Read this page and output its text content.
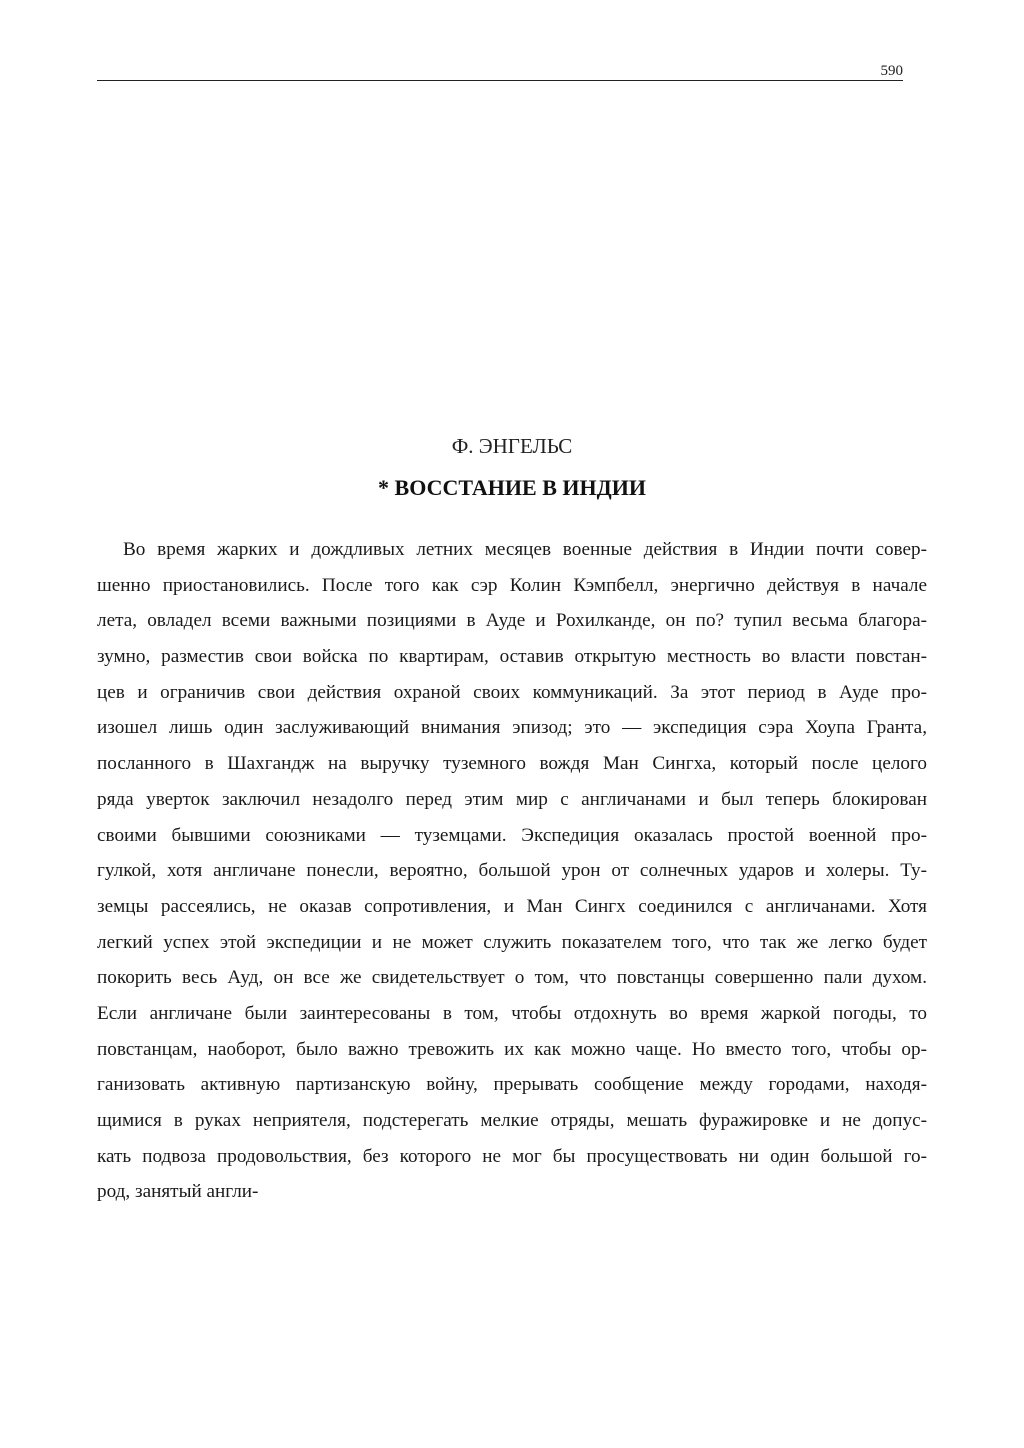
590
Ф. ЭНГЕЛЬС
* ВОССТАНИЕ В ИНДИИ
Во время жарких и дождливых летних месяцев военные действия в Индии почти совер-
шенно приостановились. После того как сэр Колин Кэмпбелл, энергично действуя в начале
лета, овладел всеми важными позициями в Ауде и Рохилканде, он по? тупил весьма благора-
зумно, разместив свои войска по квартирам, оставив открытую местность во власти повстан-
цев и ограничив свои действия охраной своих коммуникаций. За этот период в Ауде про-
изошел лишь один заслуживающий внимания эпизод; это — экспедиция сэра Хоупа Гранта,
посланного в Шахгандж на выручку туземного вождя Ман Сингха, который после целого
ряда уверток заключил незадолго перед этим мир с англичанами и был теперь блокирован
своими бывшими союзниками — туземцами. Экспедиция оказалась простой военной про-
гулкой, хотя англичане понесли, вероятно, большой урон от солнечных ударов и холеры. Ту-
земцы рассеялись, не оказав сопротивления, и Ман Сингх соединился с англичанами. Хотя
легкий успех этой экспедиции и не может служить показателем того, что так же легко будет
покорить весь Ауд, он все же свидетельствует о том, что повстанцы совершенно пали духом.
Если англичане были заинтересованы в том, чтобы отдохнуть во время жаркой погоды, то
повстанцам, наоборот, было важно тревожить их как можно чаще. Но вместо того, чтобы ор-
ганизовать активную партизанскую войну, прерывать сообщение между городами, находя-
щимися в руках неприятеля, подстерегать мелкие отряды, мешать фуражировке и не допус-
кать подвоза продовольствия, без которого не мог бы просуществовать ни один большой го-
род, занятый англи-
